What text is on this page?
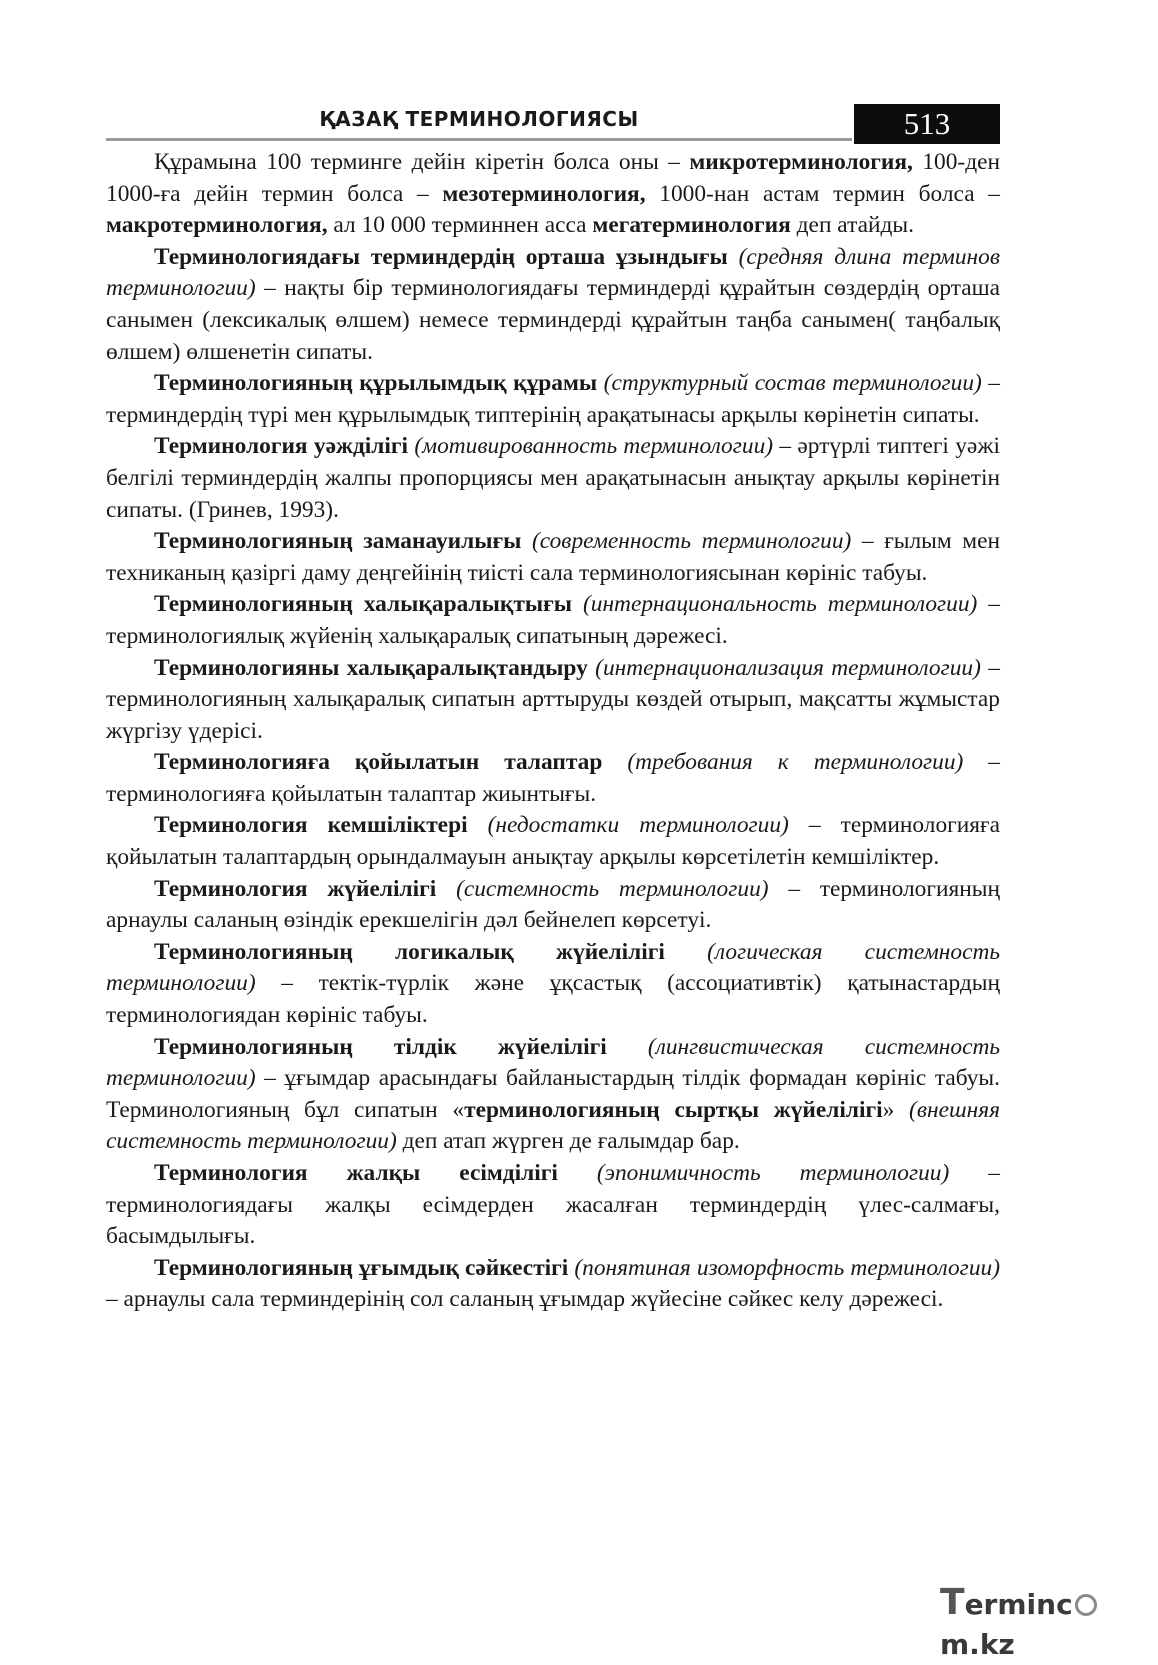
ҚАЗАҚ ТЕРМИНОЛОГИЯСЫ	513

Құрамына 100 терминге дейін кіретін болса оны – микротерминология, 100-ден 1000-ға дейін термин болса – мезотерминология, 1000-нан астам термин болса – макротерминология, ал 10 000 терминнен асса мегатерминология деп атайды.

Терминологиядағы терминдердің орташа ұзындығы (средняя длина терминов терминологии) – нақты бір терминологиядағы терминдерді құрайтын сөздердің орташа санымен (лексикалық өлшем) немесе терминдерді құрайтын таңба санымен( таңбалық өлшем) өлшенетін сипаты.

Терминологияның құрылымдық құрамы (структурный состав терминологии) – терминдердің түрі мен құрылымдық типтерінің арақатынасы арқылы көрінетін сипаты.

Терминология уәжділігі (мотивированность терминологии) – әртүрлі типтегі уәжі белгілі терминдердің жалпы пропорциясы мен арақатынасын анықтау арқылы көрінетін сипаты. (Гринев, 1993).

Терминологияның заманауилығы (современность терминологии) – ғылым мен техниканың қазіргі даму деңгейінің тиісті сала терминологиясынан көрініс табуы.

Терминологияның халықаралықтығы (интернациональность терминологии) – терминологиялық жүйенің халықаралық сипатының дәрежесі.

Терминологияны халықаралықтандыру (интернационализация терминологии) – терминологияның халықаралық сипатын арттыруды көздей отырып, мақсатты жұмыстар жүргізу үдерісі.

Терминологияға қойылатын талаптар (требования к терминологии) – терминологияға қойылатын талаптар жиынтығы.

Терминология кемшіліктері (недостатки терминологии) – терминологияға қойылатын талаптардың орындалмауын анықтау арқылы көрсетілетін кемшіліктер.

Терминология жүйелілігі (системность терминологии) – терминологияның арнаулы саланың өзіндік ерекшелігін дәл бейнелеп көрсетуі.

Терминологияның логикалық жүйелілігі (логическая системность терминологии) – тектік-түрлік және ұқсастық (ассоциативтік) қатынастардың терминологиядан көрініс табуы.

Терминологияның тілдік жүйелілігі (лингвистическая системность терминологии) – ұғымдар арасындағы байланыстардың тілдік формадан көрініс табуы. Терминологияның бұл сипатын «терминологияның сыртқы жүйелілігі» (внешняя системность терминологии) деп атап жүрген де ғалымдар бар.

Терминология жалқы есімділігі (эпонимичность терминологии) – терминологиядағы жалқы есімдерден жасалған терминдердің үлес-салмағы, басымдылығы.

Терминологияның ұғымдық сәйкестігі (понятиная изоморфность терминологии) – арнаулы сала терминдерінің сол саланың ұғымдар жүйесіне сәйкес келу дәрежесі.

Termincm.kz
